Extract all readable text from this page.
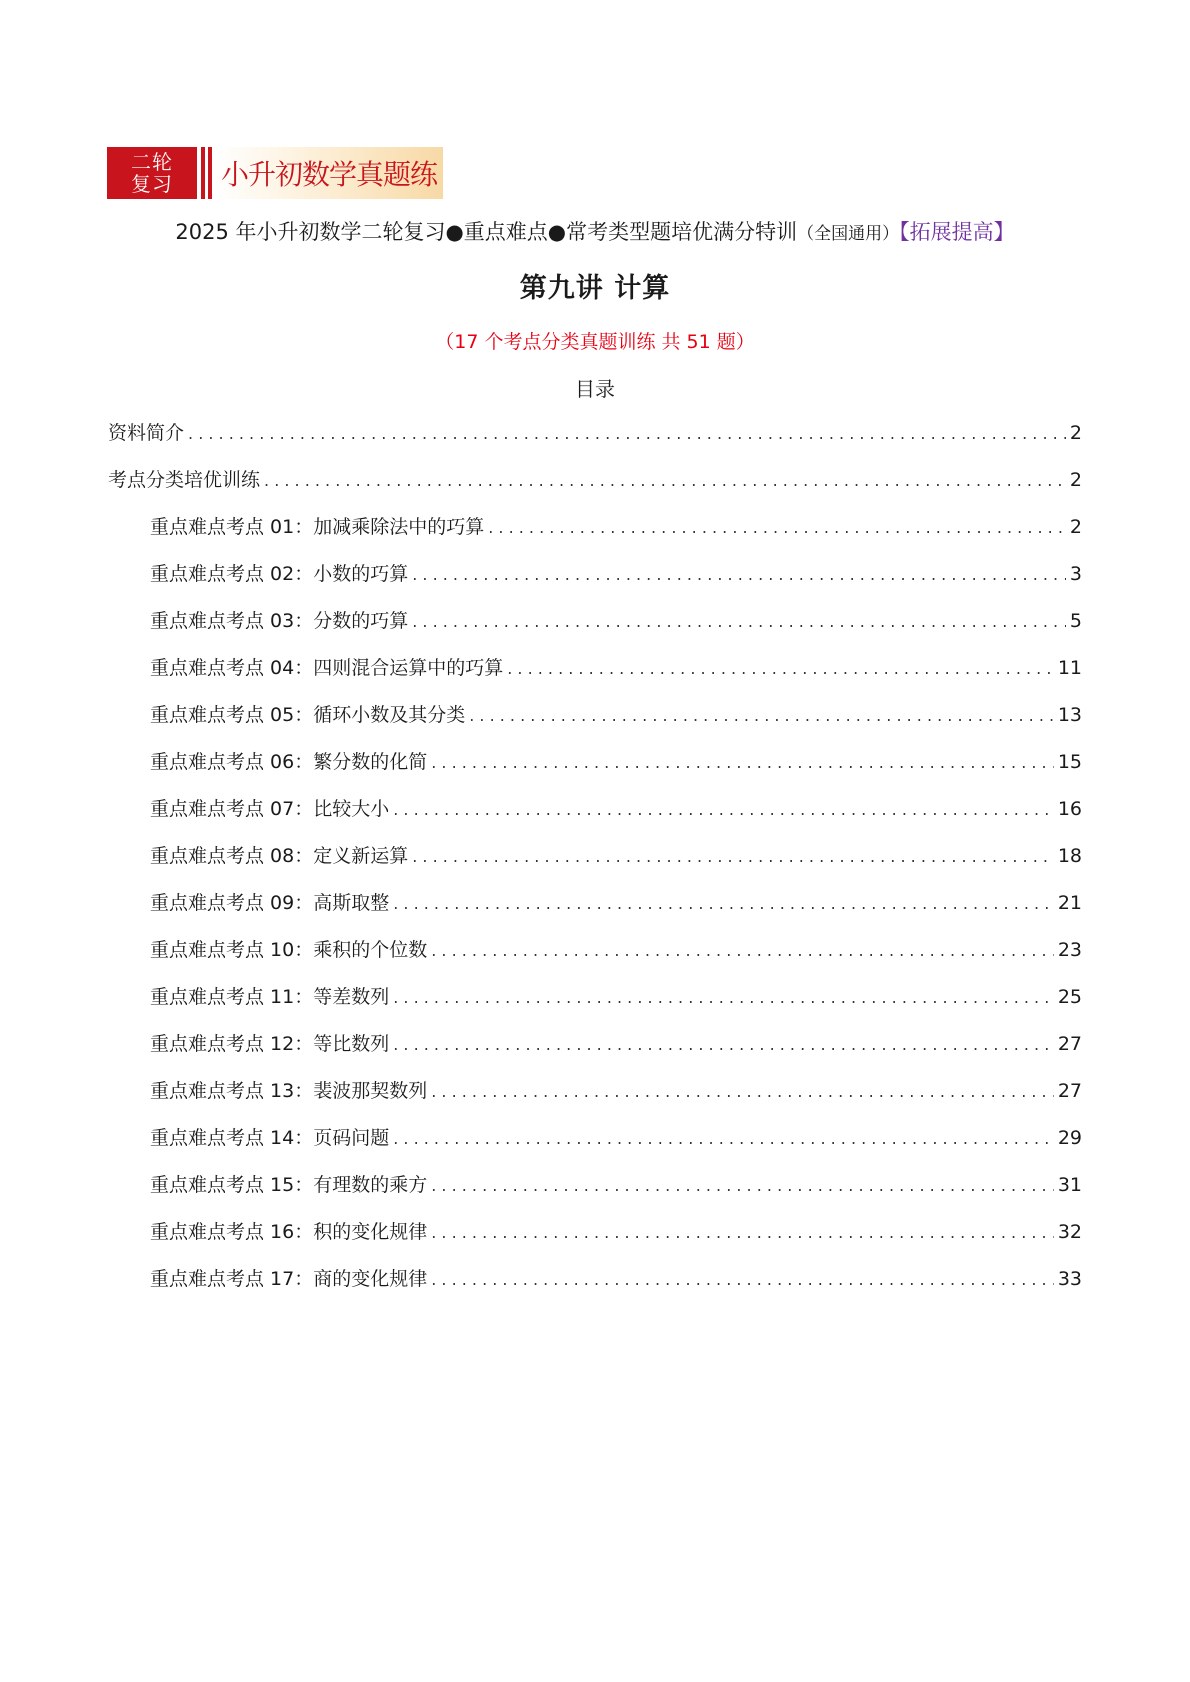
二轮
复习 小升初数学真题练
2025 年小升初数学二轮复习●重点难点●常考类型题培优满分特训（全国通用）【拓展提高】
第九讲 计算
（17 个考点分类真题训练 共 51 题）
目录
资料简介 . . .	2
考点分类培优训练 . . .	2
重点难点考点 01：加减乘除法中的巧算 . . .	2
重点难点考点 02：小数的巧算 . . .	3
重点难点考点 03：分数的巧算 . . .	5
重点难点考点 04：四则混合运算中的巧算 . . .	11
重点难点考点 05：循环小数及其分类 . . .	13
重点难点考点 06：繁分数的化简 . . .	15
重点难点考点 07：比较大小 . . .	16
重点难点考点 08：定义新运算 . . .	18
重点难点考点 09：高斯取整 . . .	21
重点难点考点 10：乘积的个位数 . . .	23
重点难点考点 11：等差数列 . . .	25
重点难点考点 12：等比数列 . . .	27
重点难点考点 13：裴波那契数列 . . .	27
重点难点考点 14：页码问题 . . .	29
重点难点考点 15：有理数的乘方 . . .	31
重点难点考点 16：积的变化规律 . . .	32
重点难点考点 17：商的变化规律 . . .	33
